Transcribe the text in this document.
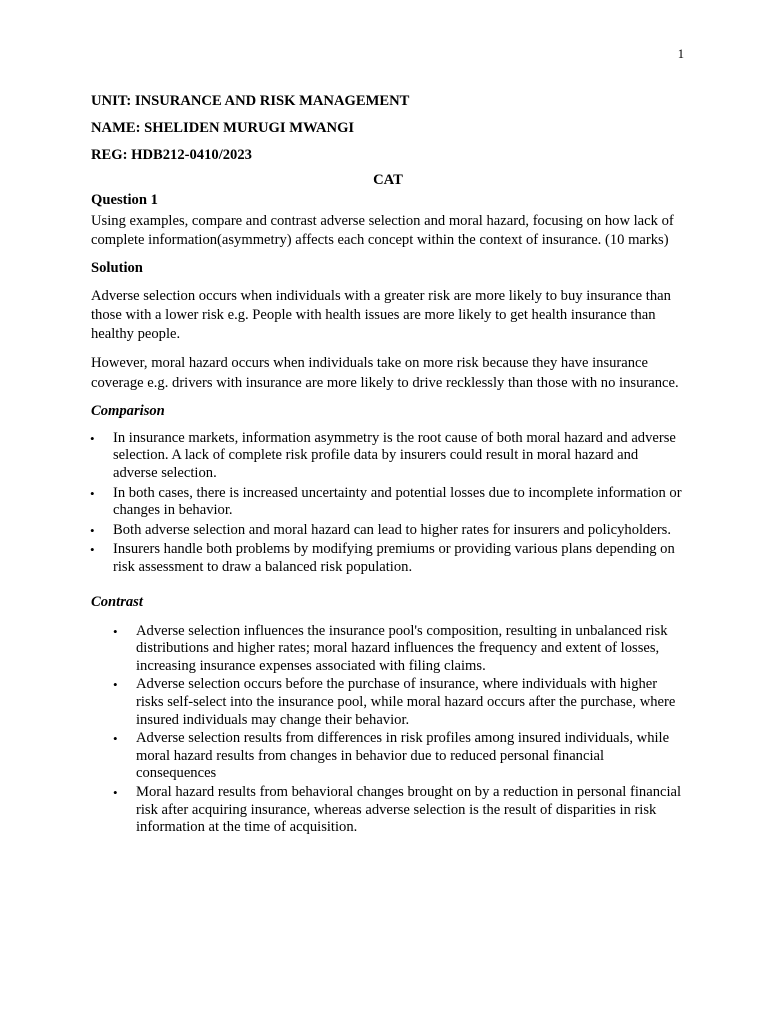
1

UNIT: INSURANCE AND RISK MANAGEMENT

NAME: SHELIDEN MURUGI MWANGI

REG: HDB212-0410/2023

CAT

Question 1

Using examples, compare and contrast adverse selection and moral hazard, focusing on how lack of complete information(asymmetry) affects each concept within the context of insurance. (10 marks)

Solution

Adverse selection occurs when individuals with a greater risk are more likely to buy insurance than those with a lower risk e.g. People with health issues are more likely to get health insurance than healthy people.

However, moral hazard occurs when individuals take on more risk because they have insurance coverage e.g. drivers with insurance are more likely to drive recklessly than those with no insurance.

Comparison

• In insurance markets, information asymmetry is the root cause of both moral hazard and adverse selection. A lack of complete risk profile data by insurers could result in moral hazard and adverse selection.
• In both cases, there is increased uncertainty and potential losses due to incomplete information or changes in behavior.
• Both adverse selection and moral hazard can lead to higher rates for insurers and policyholders.
• Insurers handle both problems by modifying premiums or providing various plans depending on risk assessment to draw a balanced risk population.

Contrast

• Adverse selection influences the insurance pool's composition, resulting in unbalanced risk distributions and higher rates; moral hazard influences the frequency and extent of losses, increasing insurance expenses associated with filing claims.
• Adverse selection occurs before the purchase of insurance, where individuals with higher risks self-select into the insurance pool, while moral hazard occurs after the purchase, where insured individuals may change their behavior.
• Adverse selection results from differences in risk profiles among insured individuals, while moral hazard results from changes in behavior due to reduced personal financial consequences
• Moral hazard results from behavioral changes brought on by a reduction in personal financial risk after acquiring insurance, whereas adverse selection is the result of disparities in risk information at the time of acquisition.
